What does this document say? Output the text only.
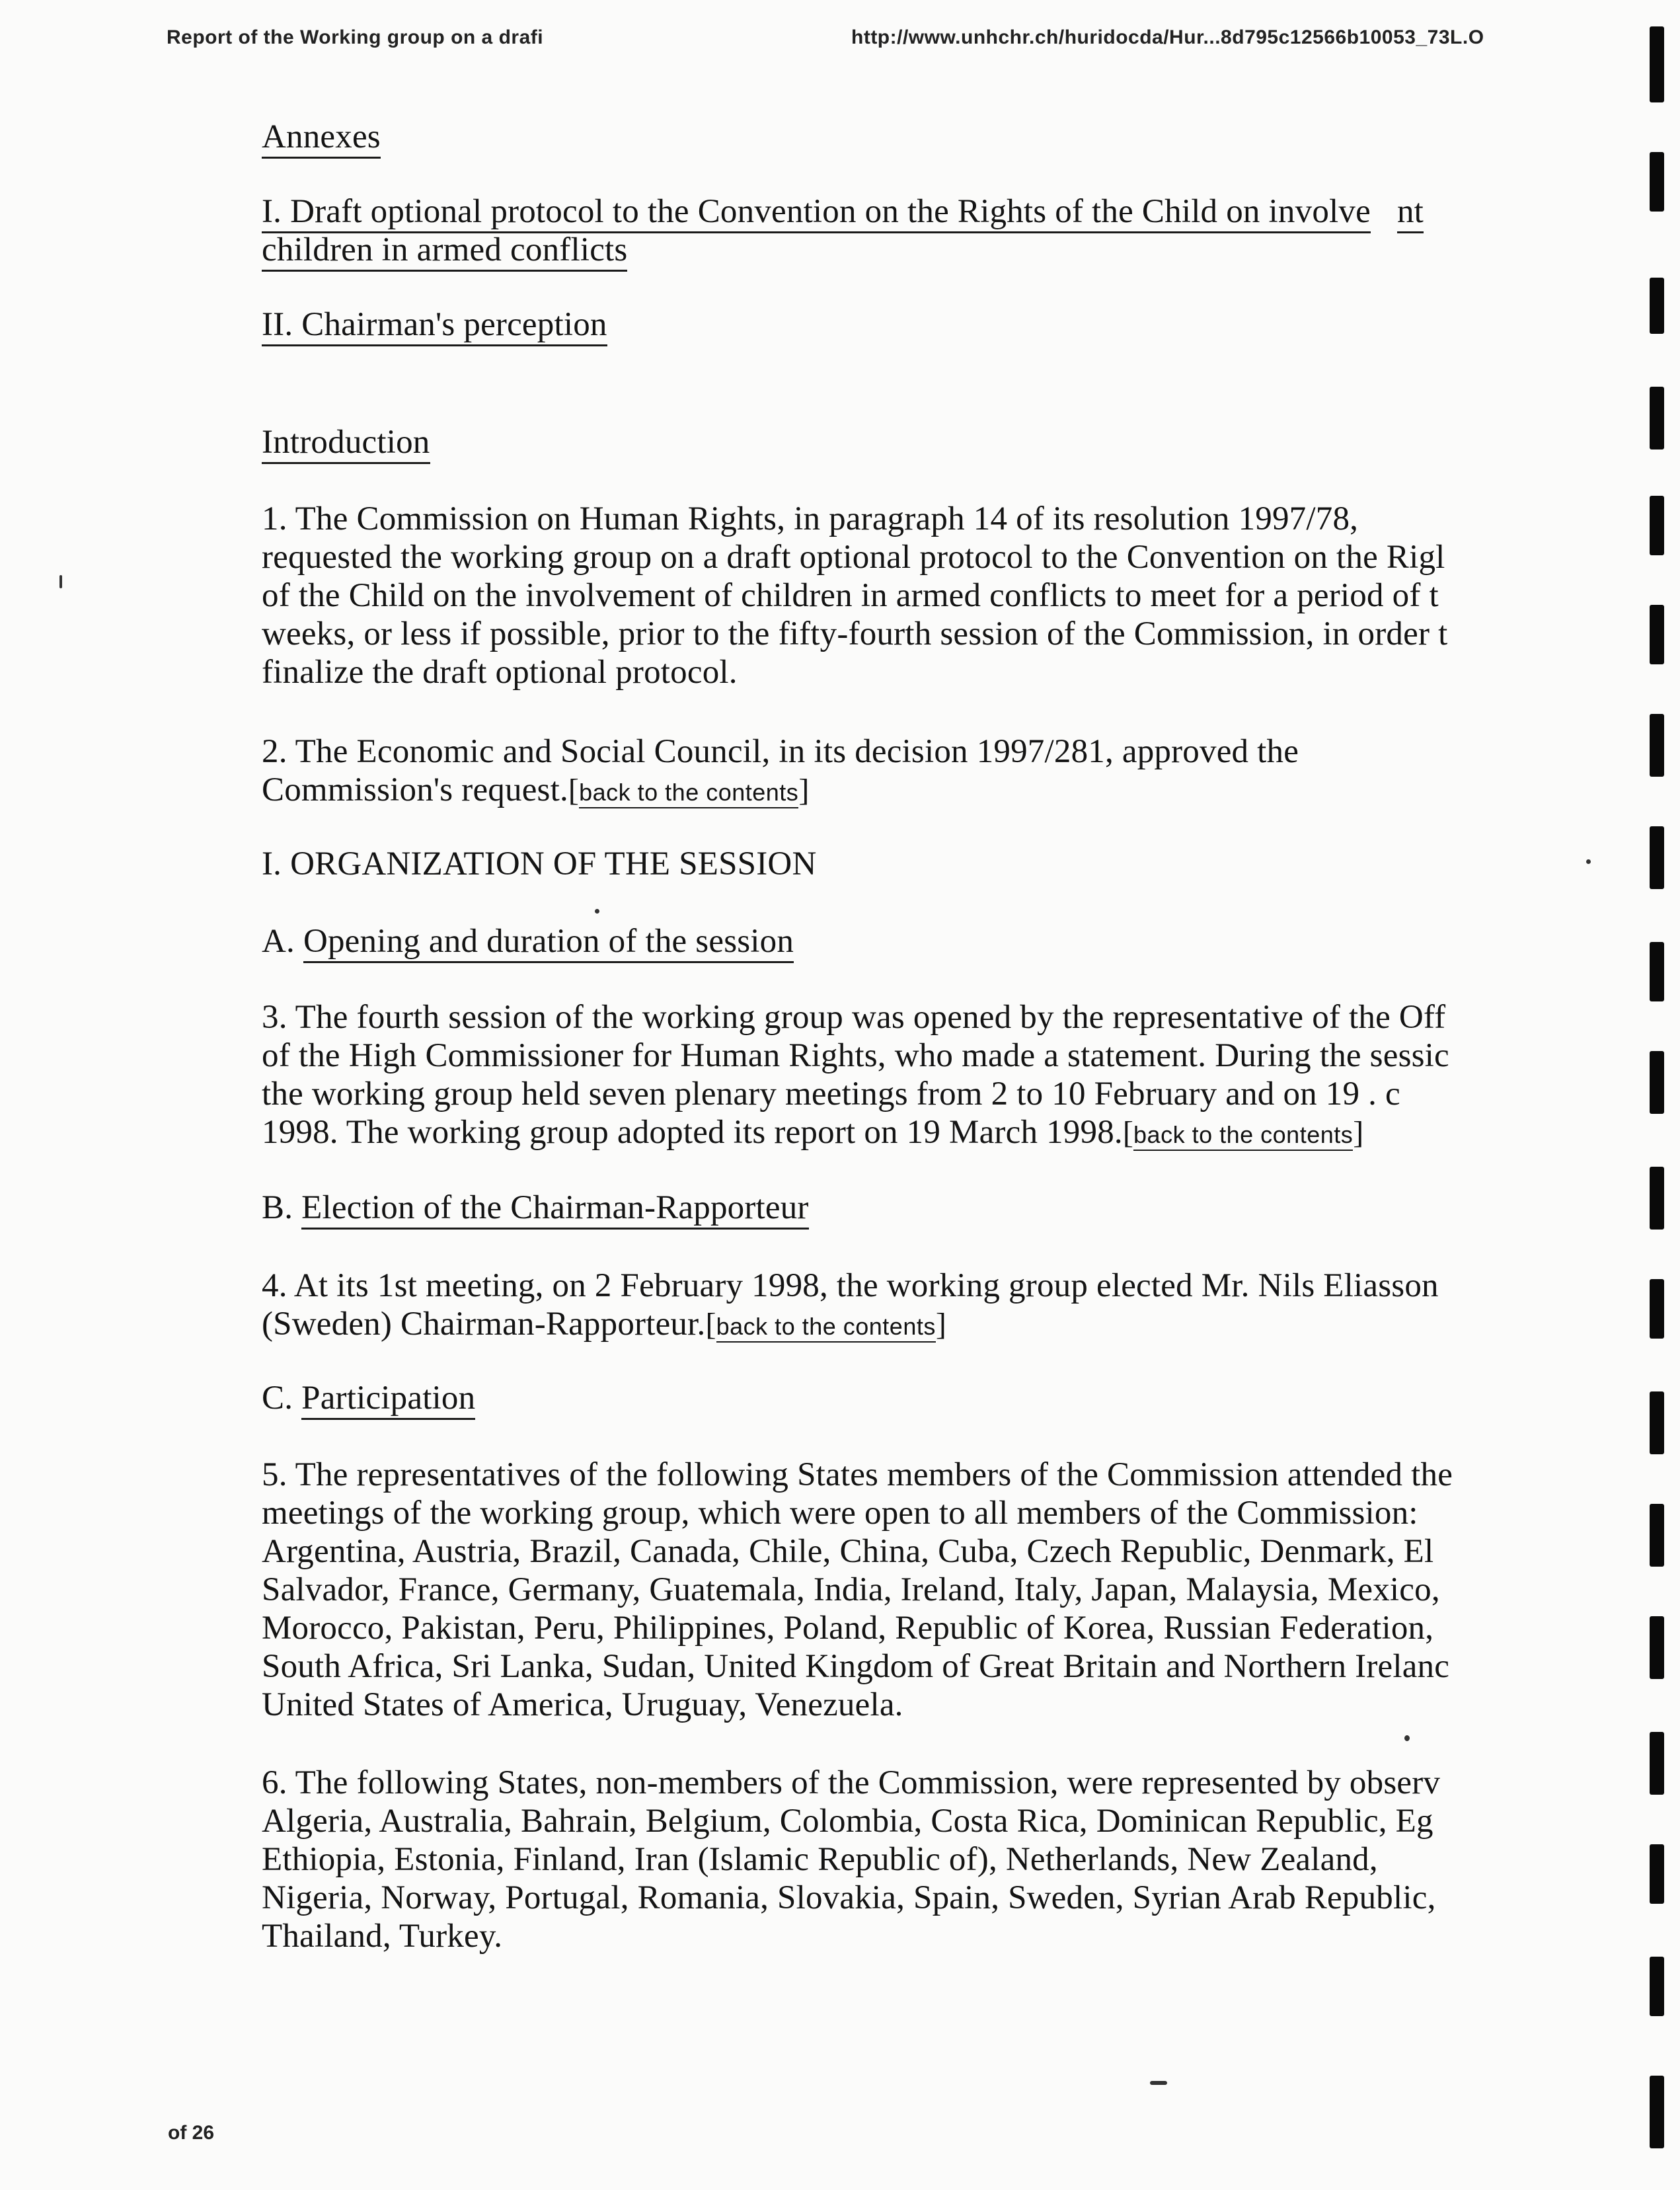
Report of the Working group on a drafi	http://www.unhchr.ch/huridocda/Hur...8d795c12566b10053_73L.O
Annexes
I. Draft optional protocol to the Convention on the Rights of the Child on involve nt
children in armed conflicts
II. Chairman's perception
Introduction
1. The Commission on Human Rights, in paragraph 14 of its resolution 1997/78,
requested the working group on a draft optional protocol to the Convention on the Rigl
of the Child on the involvement of children in armed conflicts to meet for a period of t
weeks, or less if possible, prior to the fifty-fourth session of the Commission, in order t
finalize the draft optional protocol.
2. The Economic and Social Council, in its decision 1997/281, approved the
Commission's request.[back to the contents]
I. ORGANIZATION OF THE SESSION
A. Opening and duration of the session
3. The fourth session of the working group was opened by the representative of the Off
of the High Commissioner for Human Rights, who made a statement. During the sessic
the working group held seven plenary meetings from 2 to 10 February and on 19 . c
1998. The working group adopted its report on 19 March 1998.[back to the contents]
B. Election of the Chairman-Rapporteur
4. At its 1st meeting, on 2 February 1998, the working group elected Mr. Nils Eliasson
(Sweden) Chairman-Rapporteur.[back to the contents]
C. Participation
5. The representatives of the following States members of the Commission attended the
meetings of the working group, which were open to all members of the Commission:
Argentina, Austria, Brazil, Canada, Chile, China, Cuba, Czech Republic, Denmark, El
Salvador, France, Germany, Guatemala, India, Ireland, Italy, Japan, Malaysia, Mexico,
Morocco, Pakistan, Peru, Philippines, Poland, Republic of Korea, Russian Federation,
South Africa, Sri Lanka, Sudan, United Kingdom of Great Britain and Northern Irelanc
United States of America, Uruguay, Venezuela.
6. The following States, non-members of the Commission, were represented by observ
Algeria, Australia, Bahrain, Belgium, Colombia, Costa Rica, Dominican Republic, Eg
Ethiopia, Estonia, Finland, Iran (Islamic Republic of), Netherlands, New Zealand,
Nigeria, Norway, Portugal, Romania, Slovakia, Spain, Sweden, Syrian Arab Republic,
Thailand, Turkey.
of 26
